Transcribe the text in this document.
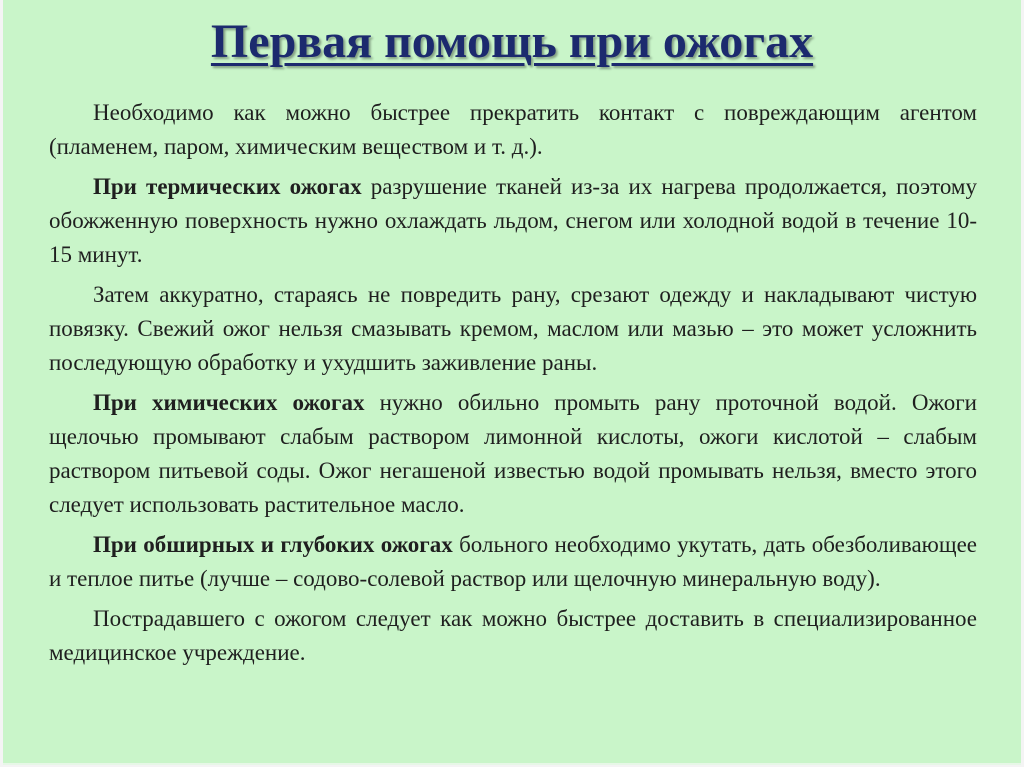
Первая помощь при ожогах

Необходимо как можно быстрее прекратить контакт с повреждающим агентом (пламенем, паром, химическим веществом и т. д.).

При термических ожогах разрушение тканей из-за их нагрева продолжается, поэтому обожженную поверхность нужно охлаждать льдом, снегом или холодной водой в течение 10-15 минут.

Затем аккуратно, стараясь не повредить рану, срезают одежду и накладывают чистую повязку. Свежий ожог нельзя смазывать кремом, маслом или мазью – это может усложнить последующую обработку и ухудшить заживление раны.

При химических ожогах нужно обильно промыть рану проточной водой. Ожоги щелочью промывают слабым раствором лимонной кислоты, ожоги кислотой – слабым раствором питьевой соды. Ожог негашеной известью водой промывать нельзя, вместо этого следует использовать растительное масло.

При обширных и глубоких ожогах больного необходимо укутать, дать обезболивающее и теплое питье (лучше – содово-солевой раствор или щелочную минеральную воду).

Пострадавшего с ожогом следует как можно быстрее доставить в специализированное медицинское учреждение.
